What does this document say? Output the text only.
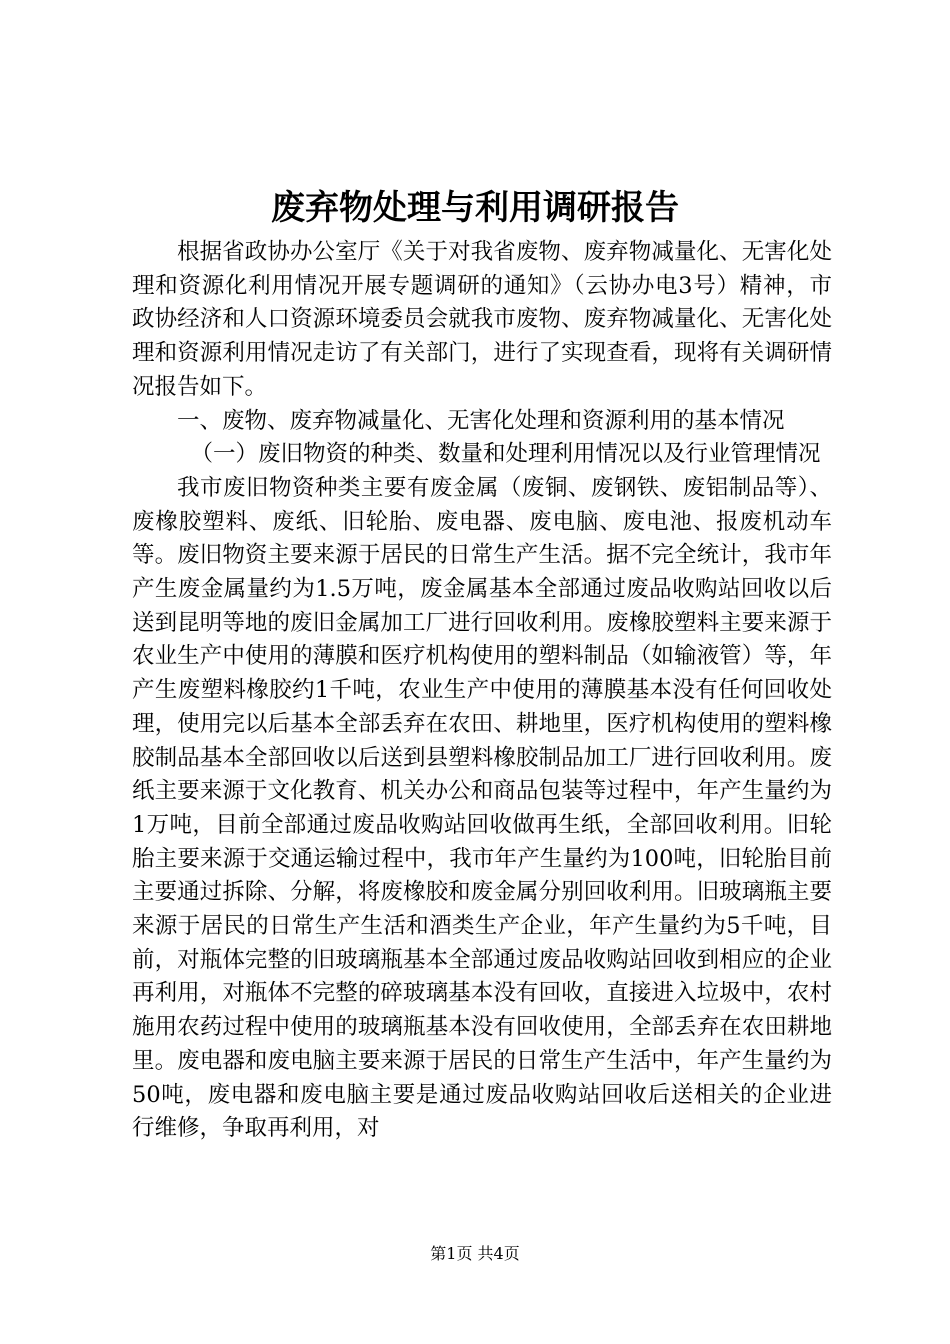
废弃物处理与利用调研报告

根据省政协办公室厅《关于对我省废物、废弃物减量化、无害化处理和资源化利用情况开展专题调研的通知》（云协办电3号）精神，市政协经济和人口资源环境委员会就我市废物、废弃物减量化、无害化处理和资源利用情况走访了有关部门，进行了实现查看，现将有关调研情况报告如下。

一、废物、废弃物减量化、无害化处理和资源利用的基本情况

（一）废旧物资的种类、数量和处理利用情况以及行业管理情况

我市废旧物资种类主要有废金属（废铜、废钢铁、废铝制品等）、废橡胶塑料、废纸、旧轮胎、废电器、废电脑、废电池、报废机动车等。废旧物资主要来源于居民的日常生产生活。据不完全统计，我市年产生废金属量约为1.5万吨，废金属基本全部通过废品收购站回收以后送到昆明等地的废旧金属加工厂进行回收利用。废橡胶塑料主要来源于农业生产中使用的薄膜和医疗机构使用的塑料制品（如输液管）等，年产生废塑料橡胶约1千吨，农业生产中使用的薄膜基本没有任何回收处理，使用完以后基本全部丢弃在农田、耕地里，医疗机构使用的塑料橡胶制品基本全部回收以后送到县塑料橡胶制品加工厂进行回收利用。废纸主要来源于文化教育、机关办公和商品包装等过程中，年产生量约为1万吨，目前全部通过废品收购站回收做再生纸，全部回收利用。旧轮胎主要来源于交通运输过程中，我市年产生量约为100吨，旧轮胎目前主要通过拆除、分解，将废橡胶和废金属分别回收利用。旧玻璃瓶主要来源于居民的日常生产生活和酒类生产企业，年产生量约为5千吨，目前，对瓶体完整的旧玻璃瓶基本全部通过废品收购站回收到相应的企业再利用，对瓶体不完整的碎玻璃基本没有回收，直接进入垃圾中，农村施用农药过程中使用的玻璃瓶基本没有回收使用，全部丢弃在农田耕地里。废电器和废电脑主要来源于居民的日常生产生活中，年产生量约为50吨，废电器和废电脑主要是通过废品收购站回收后送相关的企业进行维修，争取再利用，对

第1页 共4页
